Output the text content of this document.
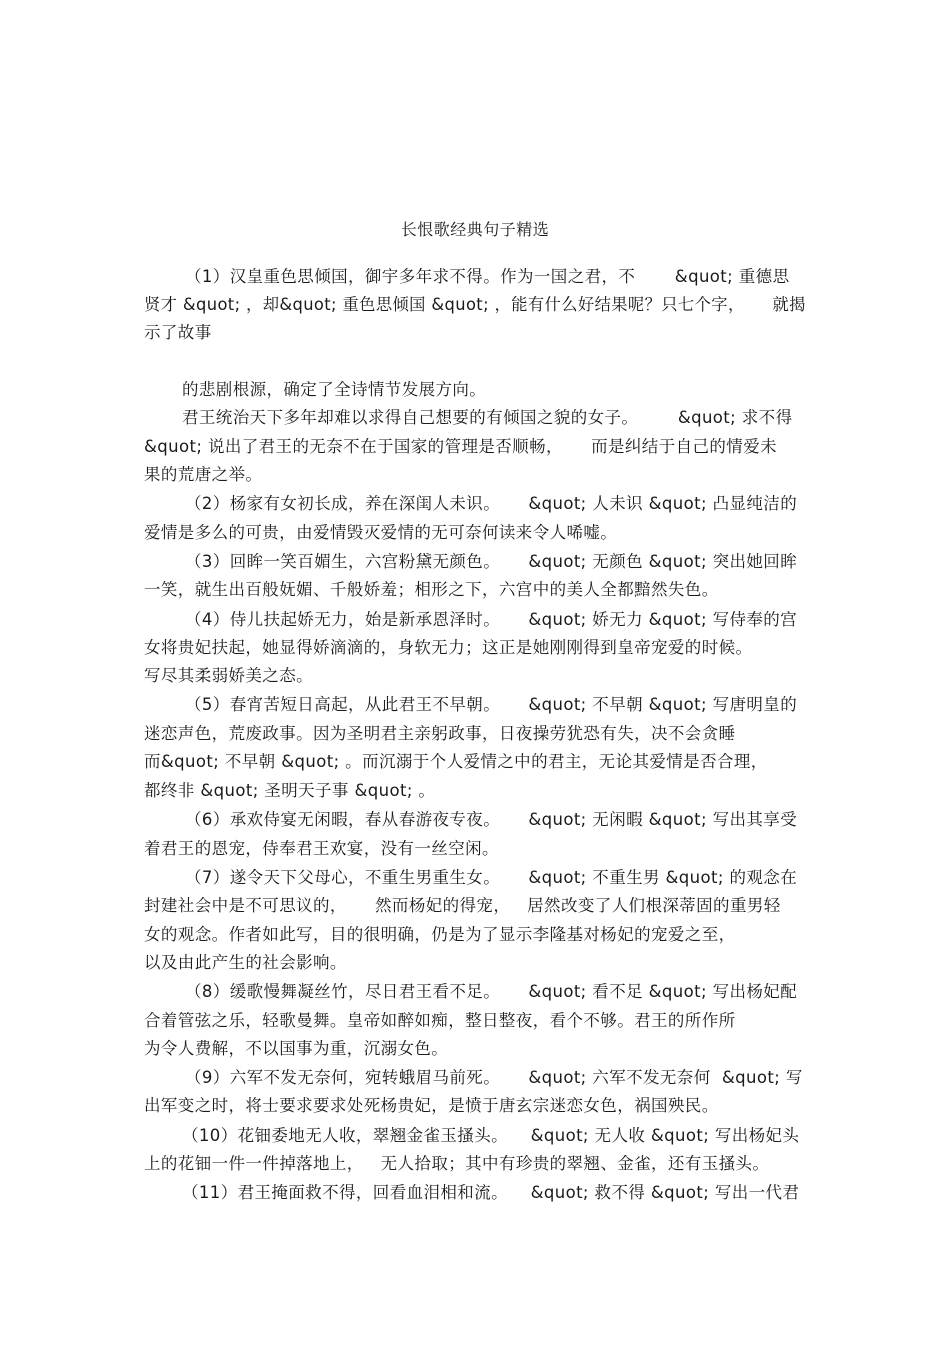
长恨歌经典句子精选
（1）汉皇重色思倾国，御宇多年求不得。作为一国之君，不       &quot; 重德思
贤才 &quot; ，却&quot; 重色思倾国 &quot; ，能有什么好结果呢？只七个字，     就揭
示了故事
的悲剧根源，确定了全诗情节发展方向。
君王统治天下多年却难以求得自己想要的有倾国之貌的女子。       &quot; 求不得
&quot; 说出了君王的无奈不在于国家的管理是否顺畅，     而是纠结于自己的情爱未
果的荒唐之举。
（2）杨家有女初长成，养在深闺人未识。     &quot; 人未识 &quot; 凸显纯洁的
爱情是多么的可贵，由爱情毁灭爱情的无可奈何读来令人唏嘘。
（3）回眸一笑百媚生，六宫粉黛无颜色。     &quot; 无颜色 &quot; 突出她回眸
一笑，就生出百般妩媚、千般娇羞；相形之下，六宫中的美人全都黯然失色。
（4）侍儿扶起娇无力，始是新承恩泽时。     &quot; 娇无力 &quot; 写侍奉的宫
女将贵妃扶起，她显得娇滴滴的，身软无力；这正是她刚刚得到皇帝宠爱的时候。
写尽其柔弱娇美之态。
（5）春宵苦短日高起，从此君王不早朝。     &quot; 不早朝 &quot; 写唐明皇的
迷恋声色，荒废政事。因为圣明君主亲躬政事，日夜操劳犹恐有失，决不会贪睡
而&quot; 不早朝 &quot; 。而沉溺于个人爱情之中的君主，无论其爱情是否合理，
都终非 &quot; 圣明天子事 &quot; 。
（6）承欢侍宴无闲暇，春从春游夜专夜。     &quot; 无闲暇 &quot; 写出其享受
着君王的恩宠，侍奉君王欢宴，没有一丝空闲。
（7）遂令天下父母心，不重生男重生女。     &quot; 不重生男 &quot; 的观念在
封建社会中是不可思议的，     然而杨妃的得宠，   居然改变了人们根深蒂固的重男轻
女的观念。作者如此写，目的很明确，仍是为了显示李隆基对杨妃的宠爱之至，
以及由此产生的社会影响。
（8）缓歌慢舞凝丝竹，尽日君王看不足。     &quot; 看不足 &quot; 写出杨妃配
合着管弦之乐，轻歌曼舞。皇帝如醉如痴，整日整夜，看个不够。君王的所作所
为令人费解，不以国事为重，沉溺女色。
（9）六军不发无奈何，宛转蛾眉马前死。     &quot; 六军不发无奈何  &quot; 写
出军变之时，将士要求要求处死杨贵妃，是愤于唐玄宗迷恋女色，祸国殃民。
（10）花钿委地无人收，翠翘金雀玉搔头。    &quot; 无人收 &quot; 写出杨妃头
上的花钿一件一件掉落地上，   无人拾取；其中有珍贵的翠翘、金雀，还有玉搔头。
（11）君王掩面救不得，回看血泪相和流。    &quot; 救不得 &quot; 写出一代君
